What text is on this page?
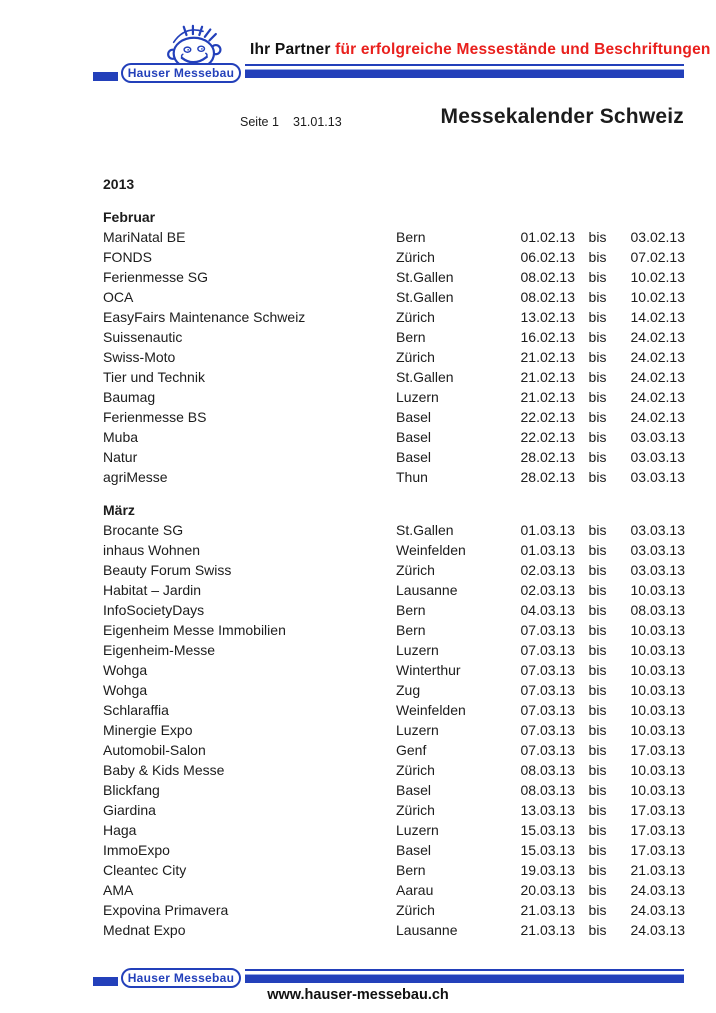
Ihr Partner für erfolgreiche Messestände und Beschriftungen
Hauser Messebau
Seite 1 31.01.13	Messekalender Schweiz
2013
Februar
MariNatal BE	Bern	01.02.13 bis	03.02.13
FONDS	Zürich	06.02.13 bis	07.02.13
Ferienmesse SG	St.Gallen	08.02.13 bis	10.02.13
OCA	St.Gallen	08.02.13 bis	10.02.13
EasyFairs Maintenance Schweiz	Zürich	13.02.13 bis	14.02.13
Suissenautic	Bern	16.02.13 bis	24.02.13
Swiss-Moto	Zürich	21.02.13 bis	24.02.13
Tier und Technik	St.Gallen	21.02.13 bis	24.02.13
Baumag	Luzern	21.02.13 bis	24.02.13
Ferienmesse BS	Basel	22.02.13 bis	24.02.13
Muba	Basel	22.02.13 bis	03.03.13
Natur	Basel	28.02.13 bis	03.03.13
agriMesse	Thun	28.02.13 bis	03.03.13
März
Brocante SG	St.Gallen	01.03.13 bis	03.03.13
inhaus Wohnen	Weinfelden	01.03.13 bis	03.03.13
Beauty Forum Swiss	Zürich	02.03.13 bis	03.03.13
Habitat – Jardin	Lausanne	02.03.13 bis	10.03.13
InfoSocietyDays	Bern	04.03.13 bis	08.03.13
Eigenheim Messe Immobilien	Bern	07.03.13 bis	10.03.13
Eigenheim-Messe	Luzern	07.03.13 bis	10.03.13
Wohga	Winterthur	07.03.13 bis	10.03.13
Wohga	Zug	07.03.13 bis	10.03.13
Schlaraffia	Weinfelden	07.03.13 bis	10.03.13
Minergie Expo	Luzern	07.03.13 bis	10.03.13
Automobil-Salon	Genf	07.03.13 bis	17.03.13
Baby & Kids Messe	Zürich	08.03.13 bis	10.03.13
Blickfang	Basel	08.03.13 bis	10.03.13
Giardina	Zürich	13.03.13 bis	17.03.13
Haga	Luzern	15.03.13 bis	17.03.13
ImmoExpo	Basel	15.03.13 bis	17.03.13
Cleantec City	Bern	19.03.13 bis	21.03.13
AMA	Aarau	20.03.13 bis	24.03.13
Expovina Primavera	Zürich	21.03.13 bis	24.03.13
Mednat Expo	Lausanne	21.03.13 bis	24.03.13
Hauser Messebau
www.hauser-messebau.ch
